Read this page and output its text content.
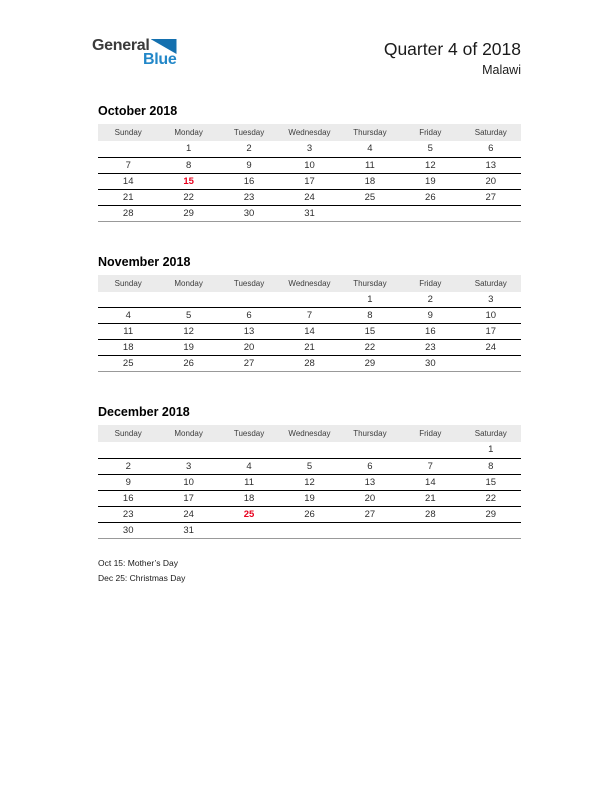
General
Blue
Quarter 4 of 2018
Malawi
October 2018
Sunday	Monday	Tuesday	Wednesday	Thursday	Friday	Saturday
	1	2	3	4	5	6
7	8	9	10	11	12	13
14	15	16	17	18	19	20
21	22	23	24	25	26	27
28	29	30	31			
November 2018
Sunday	Monday	Tuesday	Wednesday	Thursday	Friday	Saturday
				1	2	3
4	5	6	7	8	9	10
11	12	13	14	15	16	17
18	19	20	21	22	23	24
25	26	27	28	29	30	
December 2018
Sunday	Monday	Tuesday	Wednesday	Thursday	Friday	Saturday
						1
2	3	4	5	6	7	8
9	10	11	12	13	14	15
16	17	18	19	20	21	22
23	24	25	26	27	28	29
30	31					
Oct 15: Mother’s Day
Dec 25: Christmas Day
